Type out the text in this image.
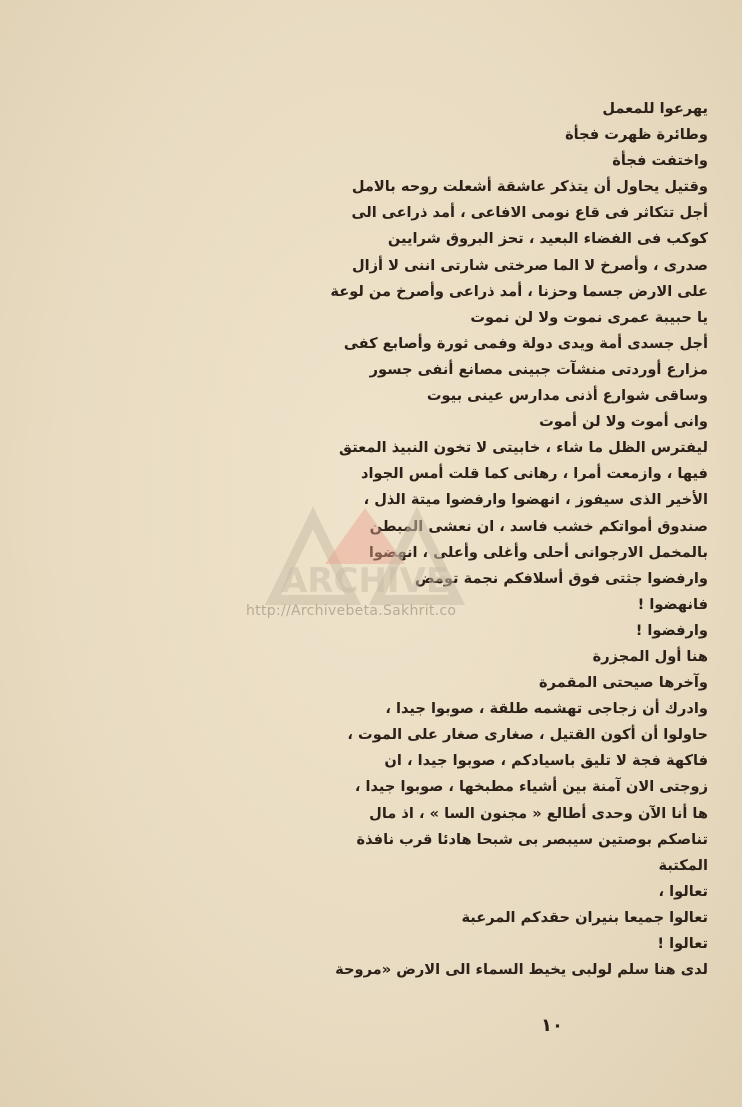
يهرعوا للمعمل
وطائرة ظهرت فجأة
واختفت فجأة
وقتيل يحاول أن يتذكر عاشقة أشعلت روحه بالامل
أجل تتكاثر فى قاع نومى الافاعى ، أمد ذراعى الى
كوكب فى الفضاء البعيد ، تحز البروق شرايين
صدرى ، وأصرخ لا الما صرختى شارتى اننى لا أزال
على الارض جسما وحزنا ، أمد ذراعى وأصرخ من لوعة
يا حبيبة عمرى نموت ولا لن نموت
أجل جسدى أمة ويدى دولة وفمى ثورة وأصابع كفى
مزارع أوردتى منشآت جبينى مصانع أنفى جسور
وساقى شوارع أذنى مدارس عينى بيوت
وانى أموت ولا لن أموت
ليفترس الظل ما شاء ، خابيتى لا تخون النبيذ المعتق
فيها ، وازمعت أمرا ، رهانى كما قلت أمس الجواد
الأخير الذى سيفوز ، انهضوا وارفضوا ميتة الذل ،
صندوق أمواتكم خشب فاسد ، ان نعشى المبطن
بالمخمل الارجوانى أحلى وأغلى وأعلى ، انهضوا
وارفضوا جثتى فوق أسلافكم نجمة تومض
فانهضوا !
وارفضوا !
هنا أول المجزرة
وآخرها صيحتى المقمرة
وادرك أن زجاجى تهشمه طلقة ، صوبوا جيدا ،
حاولوا أن أكون القتيل ، صغارى صغار على الموت ،
فاكهة فجة لا تليق باسيادكم ، صوبوا جيدا ، ان
زوجتى الان آمنة بين أشياء مطبخها ، صوبوا جيدا ،
ها أنا الآن وحدى أطالع « مجنون السا » ، اذ مال
تناصكم بوصتين سيبصر بى شبحا هادئا قرب نافذة
المكتبة
تعالوا ،
تعالوا جميعا بنيران حقدكم المرعبة
تعالوا !
لدى هنا سلم لولبى يخيط السماء الى الارض «مروحة
ARCHIVE
http://Archivebeta.Sakhrit.co
١٠
